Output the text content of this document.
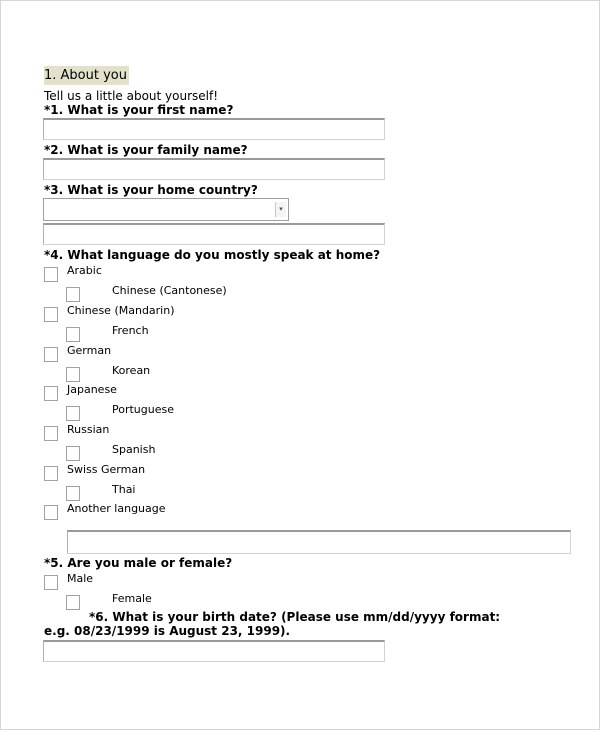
1. About you
Tell us a little about yourself!
*1. What is your first name?
*2. What is your family name?
*3. What is your home country?
▾
*4. What language do you mostly speak at home?
Arabic
Chinese (Cantonese)
Chinese (Mandarin)
French
German
Korean
Japanese
Portuguese
Russian
Spanish
Swiss German
Thai
Another language
*5. Are you male or female?
Male
Female
*6. What is your birth date? (Please use mm/dd/yyyy format:
e.g. 08/23/1999 is August 23, 1999).
